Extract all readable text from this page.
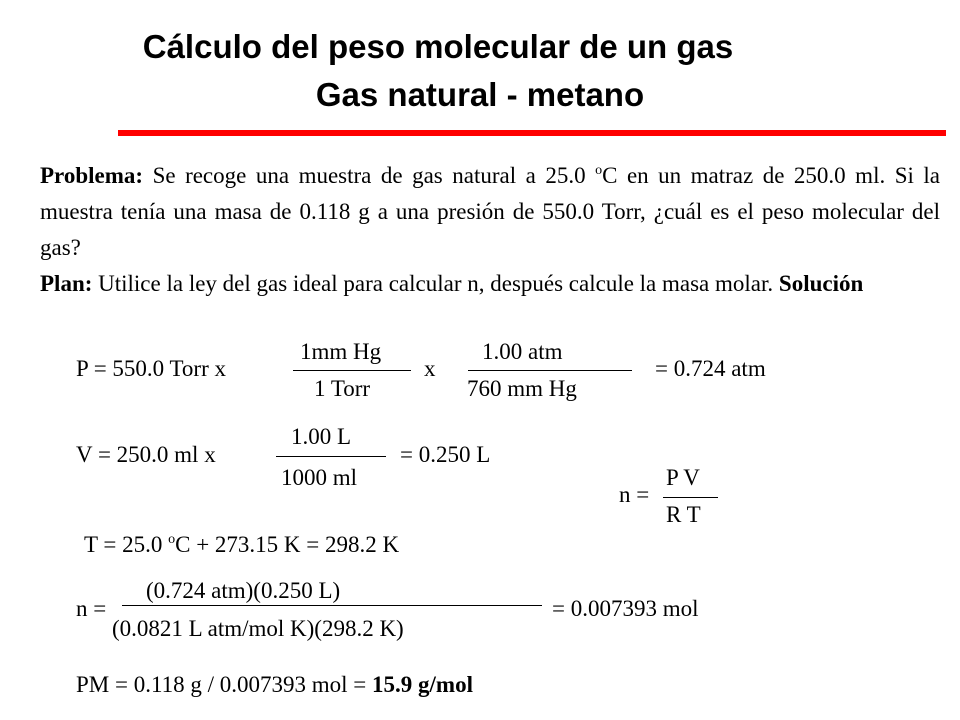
Cálculo del peso molecular de un gas
Gas natural - metano
Problema: Se recoge una muestra de gas natural a 25.0 $^o$C en un matraz de 250.0 ml. Si la muestra tenía una masa de 0.118 g a una presión de 550.0 Torr, ¿cuál es el peso molecular del gas?
Plan: Utilice la ley del gas ideal para calcular n, después calcule la masa molar. Solución
P = 550.0 Torr x
1mm Hg
1 Torr
x
1.00 atm
760 mm Hg
= 0.724 atm
V = 250.0 ml x
1.00 L
1000 ml
= 0.250 L
n =
P V
R T
T = 25.0 $^o$C + 273.15 K = 298.2 K
n =
(0.724 atm)(0.250 L)
(0.0821 L atm/mol K)(298.2 K)
= 0.007393 mol
PM = 0.118 g / 0.007393 mol = 15.9 g/mol
